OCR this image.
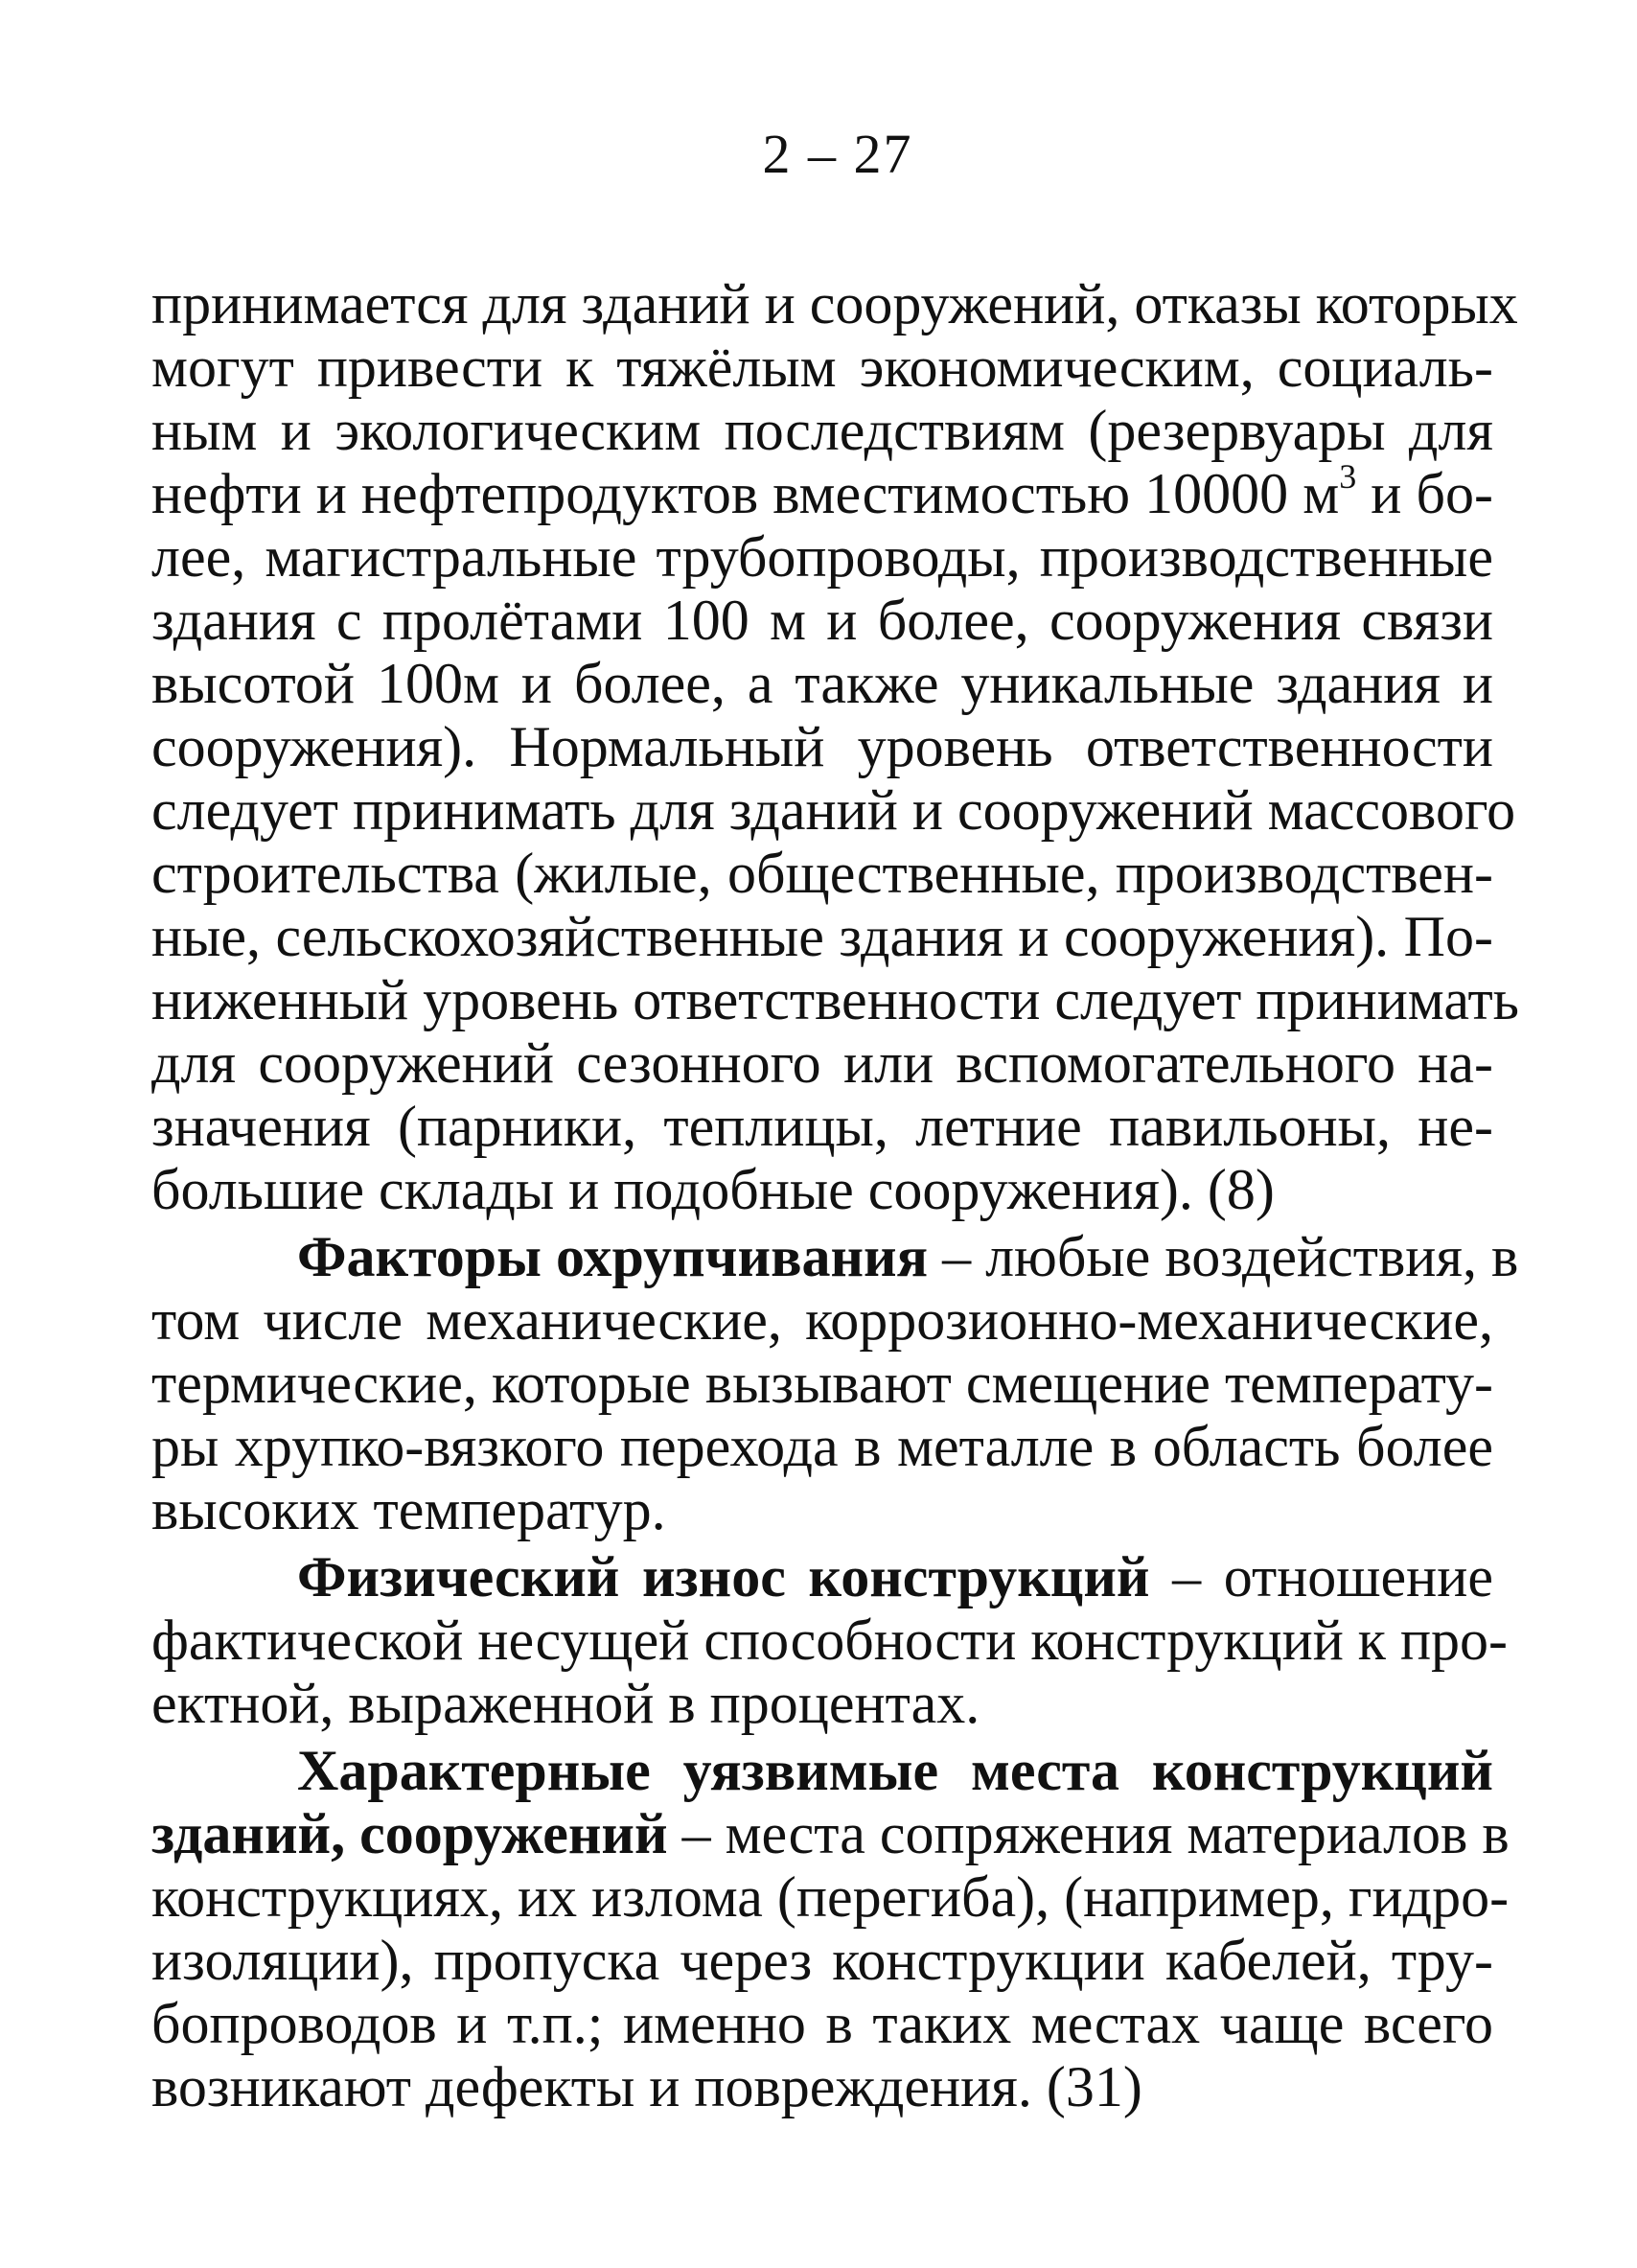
2 – 27

принимается для зданий и сооружений, отказы которых
могут привести к тяжёлым экономическим, социаль-
ным и экологическим последствиям (резервуары для
нефти и нефтепродуктов вместимостью 10000 $м^3$ и бо-
лее, магистральные трубопроводы, производственные
здания с пролётами 100 м и более, сооружения связи
высотой 100м и более, а также уникальные здания и
сооружения). Нормальный уровень ответственности
следует принимать для зданий и сооружений массового
строительства (жилые, общественные, производствен-
ные, сельскохозяйственные здания и сооружения). По-
ниженный уровень ответственности следует принимать
для сооружений сезонного или вспомогательного на-
значения (парники, теплицы, летние павильоны, не-
большие склады и подобные сооружения). (8)

Факторы охрупчивания – любые воздействия, в
том числе механические, коррозионно-механические,
термические, которые вызывают смещение температу-
ры хрупко-вязкого перехода в металле в область более
высоких температур.

Физический износ конструкций – отношение
фактической несущей способности конструкций к про-
ектной, выраженной в процентах.

Характерные уязвимые места конструкций
зданий, сооружений – места сопряжения материалов в
конструкциях, их излома (перегиба), (например, гидро-
изоляции), пропуска через конструкции кабелей, тру-
бопроводов и т.п.; именно в таких местах чаще всего
возникают дефекты и повреждения. (31)
